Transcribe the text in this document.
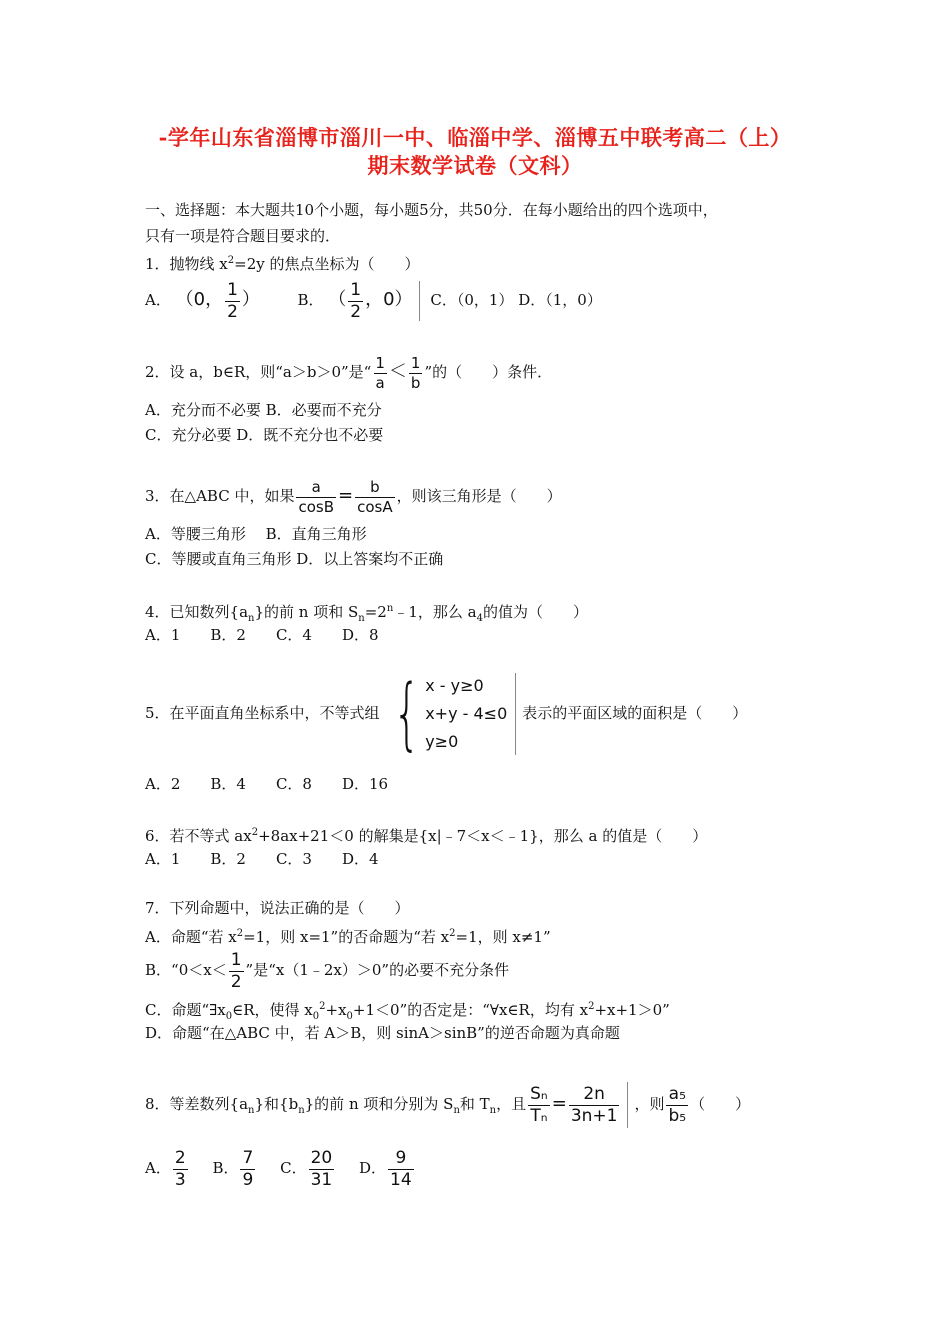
-学年山东省淄博市淄川一中、临淄中学、淄博五中联考高二（上）
期末数学试卷（文科）
一、选择题：本大题共10个小题，每小题5分，共50分．在每小题给出的四个选项中，
只有一项是符合题目要求的．
1．抛物线 $x^2=2y$ 的焦点坐标为（　　）
A． （0， $\frac{1}{2}$ ）	B． （ $\frac{1}{2}$ ，0） C．（0，1） D．（1，0）
2．设 a，b∈R，则“a＞b＞0”是“ $\frac{1}{a} < \frac{1}{b}$ ”的（　　）条件．
A．充分而不必要 B．必要而不充分
C．充分必要 D．既不充分也不必要
3．在△ABC 中，如果 $\frac{a}{\cos B} = \frac{b}{\cos A}$ ，则该三角形是（　　）
A．等腰三角形　 B．直角三角形
C．等腰或直角三角形 D．以上答案均不正确
4．已知数列$\{a_n\}$的前 n 项和 $S_n=2^n﹣1$，那么 $a_4$的值为（　　）
A．1　　B．2　　C．4　　D．8
5．在平面直角坐标系中，不等式组 { x - y≥0
x+y - 4≤0
y≥0
表示的平面区域的面积是（　　）
A．2　　B．4　　C．8　　D．16
6．若不等式 $ax^2+8ax+21<0$ 的解集是{x|﹣7＜x＜﹣1}，那么 a 的值是（　　）
A．1　　B．2　　C．3　　D．4
7．下列命题中，说法正确的是（　　）
A．命题“若 $x^2=1$，则 x=1”的否命题为“若 $x^2=1$，则 x≠1”
B．“$0<x< \frac{1}{2}$ ”是“x（1﹣2x）＞0”的必要不充分条件
C．命题“$\exists x_0\in R$，使得 $x_0^2+x_0+1<0$”的否定是：“∀x∈R，均有 $x^2+x+1>0$”
D．命题“在△ABC 中，若 A＞B，则 sinA＞sinB”的逆否命题为真命题
8．等差数列$\{a_n\}$和$\{b_n\}$的前 n 项和分别为 $S_n$和 $T_n$，且 $\frac{\text{Sₙ}}{\text{Tₙ}} = \frac{2n}{3n+1}$ ，则 $\frac{\text{a₅}}{\text{b₅}}$ （　　）
A． $\frac{2}{3}$ B． $\frac{7}{9}$ C． $\frac{20}{31}$ D． $\frac{9}{14}$
